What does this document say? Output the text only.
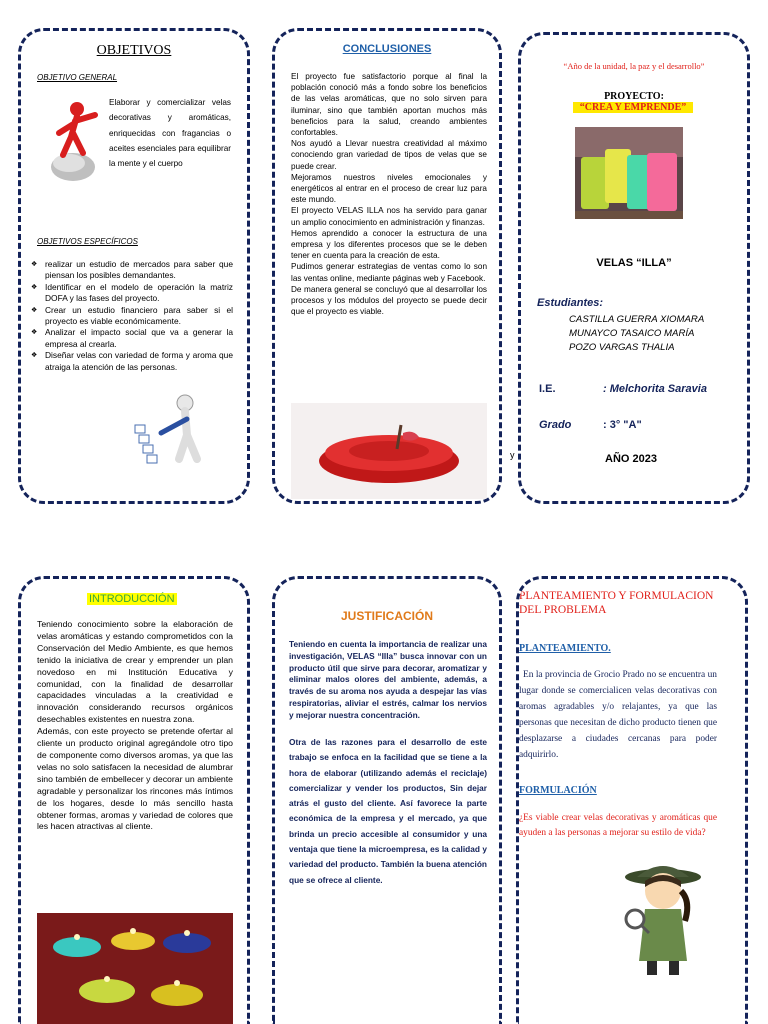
OBJETIVOS
OBJETIVO GENERAL
Elaborar y comercializar velas decorativas y aromáticas, enriquecidas con fragancias o aceites esenciales para equilibrar la mente y el cuerpo
OBJETIVOS ESPECÍFICOS
❖ realizar un estudio de mercados para saber que piensan los posibles demandantes.
❖ Identificar en el modelo de operación la matriz DOFA y las fases del proyecto.
❖ Crear un estudio financiero para saber si el proyecto es viable económicamente.
❖ Analizar el impacto social que va a generar la empresa al crearla.
❖ Diseñar velas con variedad de forma y aroma que atraiga la atención de las personas.
CONCLUSIONES
El proyecto fue satisfactorio porque al final la población conoció más a fondo sobre los beneficios de las velas aromáticas, que no solo sirven para iluminar, sino que también aportan muchos más beneficios para la salud, creando ambientes confortables.
Nos ayudó a Llevar nuestra creatividad al máximo conociendo gran variedad de tipos de velas que se puede crear.
Mejoramos nuestros niveles emocionales y energéticos al entrar en el proceso de crear luz para este mundo.
El proyecto VELAS ILLA nos ha servido para ganar un amplio conocimiento en administración y finanzas.
Hemos aprendido a conocer la estructura de una empresa y los diferentes procesos que se le deben tener en cuenta para la creación de esta.
Pudimos generar estrategias de ventas como lo son las ventas online, mediante páginas web y Facebook.
De manera general se concluyó que al desarrollar los procesos y los módulos del proyecto se puede decir que el proyecto es viable.
y
“Año de la unidad, la paz y el desarrollo”
PROYECTO:
“CREA Y EMPRENDE”
VELAS “ILLA”
Estudiantes:
CASTILLA GUERRA XIOMARA
MUNAYCO TASAICO MARÍA
POZO VARGAS THALIA
I.E.	: Melchorita Saravia
Grado	: 3° "A"
AÑO 2023
INTRODUCCIÓN
Teniendo conocimiento sobre la elaboración de velas aromáticas y estando comprometidos con la Conservación del Medio Ambiente, es que hemos tenido la iniciativa de crear y emprender un plan novedoso en mi Institución Educativa y comunidad, con la finalidad de desarrollar capacidades vinculadas a la creatividad e innovación considerando recursos orgánicos desechables existentes en nuestra zona.
Además, con este proyecto se pretende ofertar al cliente un producto original agregándole otro tipo de componente como diversos aromas, ya que las velas no solo satisfacen la necesidad de alumbrar sino también de embellecer y decorar un ambiente agradable y personalizar los rincones más íntimos de los hogares, desde lo más sencillo hasta obtener formas, aromas y variedad de colores que les hacen atractivas al cliente.
JUSTIFICACIÓN
Teniendo en cuenta la importancia de realizar una investigación, VELAS “Illa” busca innovar con un producto útil que sirve para decorar, aromatizar y eliminar malos olores del ambiente, además, a través de su aroma nos ayuda a despejar las vías respiratorias, aliviar el estrés, calmar los nervios y mejorar nuestra concentración.
Otra de las razones para el desarrollo de este trabajo se enfoca en la facilidad que se tiene a la hora de elaborar (utilizando además el reciclaje) comercializar y vender los productos, Sin dejar atrás el gusto del cliente. Así favorece la parte económica de la empresa y el mercado, ya que brinda un precio accesible al consumidor y una ventaja que tiene la microempresa, es la calidad y variedad del producto. También la buena atención que se ofrece al cliente.
PLANTEAMIENTO Y FORMULACION DEL PROBLEMA
PLANTEAMIENTO.
En la provincia de Grocio Prado no se encuentra un lugar donde se comercialicen velas decorativas con aromas agradables y/o relajantes, ya que las personas que necesitan de dicho producto tienen que desplazarse a ciudades cercanas para poder adquirirlo.
FORMULACIÓN
¿Es viable crear velas decorativas y aromáticas que ayuden a las personas a mejorar su estilo de vida?
